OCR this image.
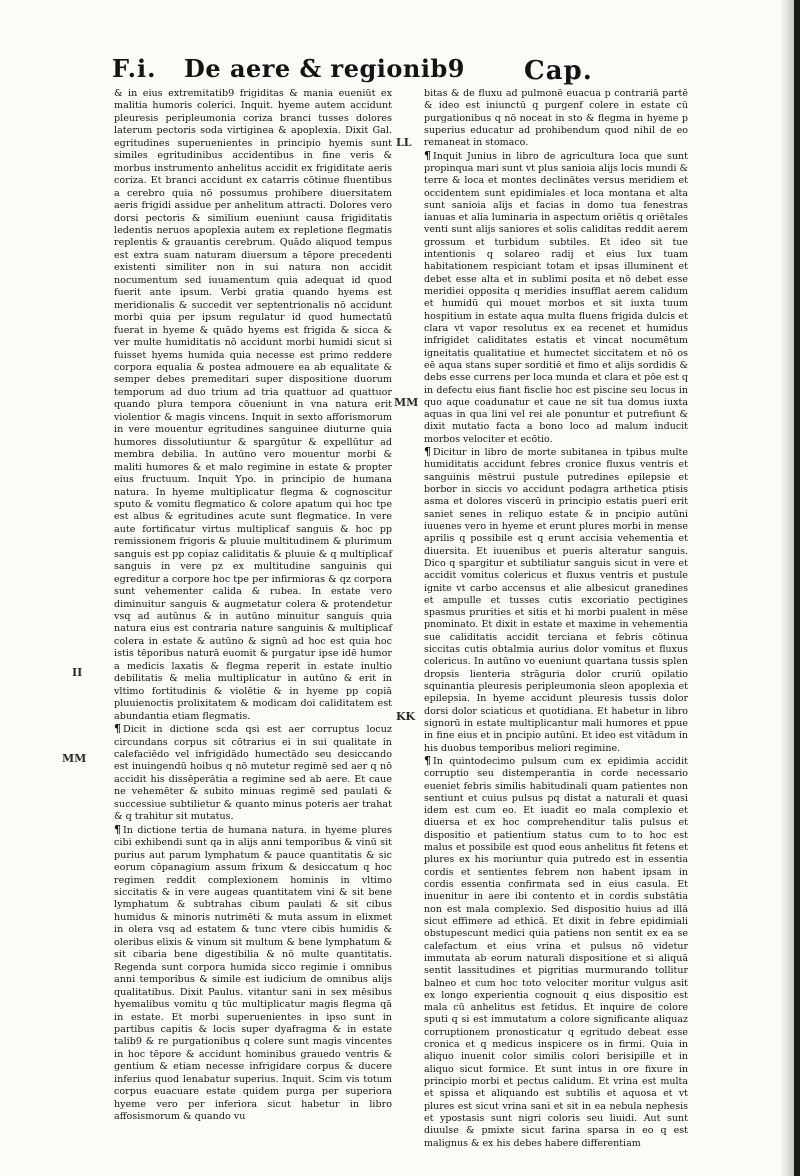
F.i. De aere & regionib9 Cap.

& in eius extremitatib9 frigiditas & mania eueniūt ex malitia humoris colerici. Inquit. hyeme autem accidunt pleuresis peripleumonia coriza branci tusses dolores laterum pectoris soda virtiginea & apoplexia. Dixit Gal. egritudines superuenientes in principio hyemis sunt similes egritudinibus accidentibus in fine veris & morbus instrumento anhelitus accidit ex frigiditate aeris coriza. Et branci accidunt ex catarris cōtinue fluentibus a cerebro quia nō possumus prohibere diuersitatem aeris frigidi assidue per anhelitum attracti. Dolores vero dorsi pectoris & similium eueniunt causa frigiditatis ledentis neruos apoplexia autem ex repletione flegmatis replentis & grauantis cerebrum. Quādo aliquod tempus est extra suam naturam diuersum a tēpore precedenti existenti similiter non in sui natura non accidit nocumentum sed iuuamentum quia adequat id quod fuerit ante ipsum. Verbi gratia quando hyems est meridionalis & succedit ver septentrionalis nō accidunt morbi quia per ipsum regulatur id quod humectatū fuerat in hyeme & quādo hyems est frigida & sicca & ver multe humiditatis nō accidunt morbi humidi sicut si fuisset hyems humida quia necesse est primo reddere corpora equalia & postea admouere ea ab equalitate & semper debes premeditari super dispositione duorum temporum ad duo trium ad tria quattuor ad quattuor quando plura tempora cōueniunt in vna natura erit violentior & magis vincens. Inquit in sexto afforismorum in vere mouentur egritudines sanguinee diuturne quia humores dissolutiuntur & spargūtur & expellūtur ad membra debilia. In autūno vero mouentur morbi & maliti humores & et malo regimine in estate & propter eius fructuum. Inquit Ypo. in principio de humana natura. In hyeme multiplicatur flegma & cognoscitur sputo & vomitu flegmatico & colore apatum qui hoc tpe est albus & egritudines acute sunt flegmatice. In vere aute fortificatur virtus multiplicaf sanguis & hoc pp remissionem frigoris & pluuie multitudinem & plurimum sanguis est pp copiaz caliditatis & pluuie & q multiplicaf sanguis in vere pz ex multitudine sanguinis qui egreditur a corpore hoc tpe per infirmioras & qz corpora sunt vehementer calida & rubea. In estate vero diminuitur sanguis & augmetatur colera & protendetur vsq ad autūnus & in autūno minuitur sanguis quia natura eius est contraria nature sanguinis & multiplicaf colera in estate & autūno & signū ad hoc est quia hoc istis tēporibus naturā euomit & purgatur ipse idē humor a medicis laxatis & flegma reperit in estate inultio debilitatis & melia multiplicatur in autūno & erit in vltimo fortitudinis & violētie & in hyeme pp copiā pluuienoctis prolixitatem & modicam doi caliditatem est abundantia etiam flegmatis.

¶ Dicit in dictione scda qsi est aer corruptus locuz circundans corpus sit cōtrarius ei in sui qualitate in calefaciēdo vel infrigidādo humectādo seu desiccando est inuingendū hoibus q nō mutetur regimē sed aer q nō accidit his dissēperātia a regimine sed ab aere. Et caue ne vehemēter & subito minuas regimē sed paulati & successiue subtilietur & quanto minus poteris aer trahat & q trahitur sit mutatus.

¶ In dictione tertia de humana natura. in hyeme plures cibi exhibendi sunt qa in alijs anni temporibus & vinū sit purius aut parum lymphatum & pauce quantitatis & sic eorum cōpanagium assum frixum & desiccatum q hoc regimen reddit complexionem hominis in vltimo siccitatis & in vere augeas quantitatem vini & sit bene lymphatum & subtrahas cibum paulati & sit cibus humidus & minoris nutrimēti & muta assum in elixmet in olera vsq ad estatem & tunc vtere cibis humidis & oleribus elixis & vinum sit multum & bene lymphatum & sit cibaria bene digestibilia & nō multe quantitatis. Regenda sunt corpora humida sicco regimie i omnibus anni temporibus & simile est iudicium de omnibus alijs qualitatibus. Dixit Paulus. vitantur sani in sex mēsibus hyemalibus vomitu q tūc multiplicatur magis flegma qā in estate. Et morbi superuenientes in ipso sunt in partibus capitis & locis super dyafragma & in estate talib9 & re purgationibus q colere sunt magis vincentes in hoc tēpore & accidunt hominibus grauedo ventris & gentium & etiam necesse infrigidare corpus & ducere inferius quod lenabatur superius. Inquit. Scim vis totum corpus euacuare estate quidem purga per superiora hyeme vero per inferiora sicut habetur in libro affosismorum & quando vu

II
MM

bitas & de fluxu ad pulmonē euacua p contrariā partē & ideo est iniunctū q purgenf colere in estate cū purgationibus q nō noceat in sto & flegma in hyeme p superius educatur ad prohibendum quod nihil de eo remaneat in stomaco.

¶ Inquit Junius in libro de agricultura loca que sunt propinqua mari sunt vt plus sanioia alijs locis mundi & terre & loca et montes declinātes versus meridiem et occidentem sunt epidimiales et loca montana et alta sunt sanioia alijs et facias in domo tua fenestras ianuas et alia luminaria in aspectum oriētis q oriētales venti sunt alijs saniores et solis caliditas reddit aerem grossum et turbidum subtiles. Et ideo sit tue intentionis q solareo radij et eius lux tuam habitationem respiciant totam et ipsas illuminent et debet esse alta et in sublimi posita et nō debet esse meridiei opposita q meridies insufflat aerem calidum et humidū qui mouet morbos et sit iuxta tuum hospitium in estate aqua multa fluens frigida dulcis et clara vt vapor resolutus ex ea recenet et humidus infrigidet caliditates estatis et vincat nocumētum igneitatis qualitatiue et humectet siccitatem et nō os eē aqua stans super sorditiē et fimo et alijs sordidis & debs esse currens per loca munda et clara et pōe est q in defectu eius fiant fisclie hoc est piscine seu locus in quo aque coadunatur et caue ne sit tua domus iuxta aquas in qua lini vel rei ale ponuntur et putrefiunt & dixit mutatio facta a bono loco ad malum inducit morbos velociter et ecōtio.

¶ Dicitur in libro de morte subitanea in tpibus multe humiditatis accidunt febres cronice fluxus ventris et sanguinis mēstrui pustule putredines epilepsie et borbor in siccis vo accidunt podagra arthetica ptisis asma et dolores viscerū in principio estatis pueri erit saniet senes in reliquo estate & in pncipio autūni iuuenes vero in hyeme et erunt plures morbi in mense aprilis q possibile est q erunt accisia vehementia et diuersita. Et iuuenibus et pueris alteratur sanguis. Dico q spargitur et subtiliatur sanguis sicut in vere et accidit vomitus colericus et fluxus ventris et pustule ignite vt carbo accensus et alie albesicut granedines et ampulle et tusses cutis excoriatio pectigines spasmus prurities et sitis et hi morbi pualent in mēse pnominato. Et dixit in estate et maxime in vehementia sue caliditatis accidit terciana et febris cōtinua siccitas cutis obtalmia aurius dolor vomitus et fluxus colericus. In autūno vo eueniunt quartana tussis splen dropsis lienteria strāguria dolor cruriū opilatio squinantia pleuresis peripleumonia sleon apoplexia et epilepsia. In hyeme accidunt pleuresis tussis dolor dorsi dolor sciaticus et quotidiana. Et habetur in libro signorū in estate multiplicantur mali humores et ppue in fine eius et in pncipio autūni. Et ideo est vitādum in his duobus temporibus meliori regimine.

¶ In quintodecimo pulsum cum ex epidimia accidit corruptio seu distemperantia in corde necessario eueniet febris similis habitudinali quam patientes non sentiunt et cuius pulsus pq distat a naturali et quasi idem est cum eo. Et iuadit eo mala complexio et diuersa et ex hoc comprehenditur talis pulsus et dispositio et patientium status cum to to hoc est malus et possibile est quod eous anhelitus fit fetens et plures ex his moriuntur quia putredo est in essentia cordis et sentientes febrem non habent ipsam in cordis essentia confirmata sed in eius casula. Et inuenitur in aere ibi contento et in cordis substātia non est mala complexio. Sed dispositio huius ad illā sicut effimere ad ethicā. Et dixit in febre epidimiali obstupescunt medici quia patiens non sentit ex ea se calefactum et eius vrina et pulsus nō videtur immutata ab eorum naturali dispositione et si aliquā sentit lassitudines et pigritias murmurando tollitur balneo et cum hoc toto velociter moritur vulgus asit ex longo experientia cognouit q eius dispositio est mala cū anhelitus est fetidus. Et inquire de colore sputi q si est immutatum a colore significante aliquaz corruptionem pronosticatur q egritudo debeat esse cronica et q medicus inspicere os in firmi. Quia in aliquo inuenit color similis colori berisipille et in aliquo sicut formice. Et sunt intus in ore fixure in principio morbi et pectus calidum. Et vrina est multa et spissa et aliquando est subtilis et aquosa et vt plures est sicut vrina sani et sit in ea nebula nephesis et ypostasis sunt nigri coloris seu liuidi. Aut sunt diuulse & pmixte sicut farina sparsa in eo q est malignus & ex his debes habere differentiam

LL
MM
KK
